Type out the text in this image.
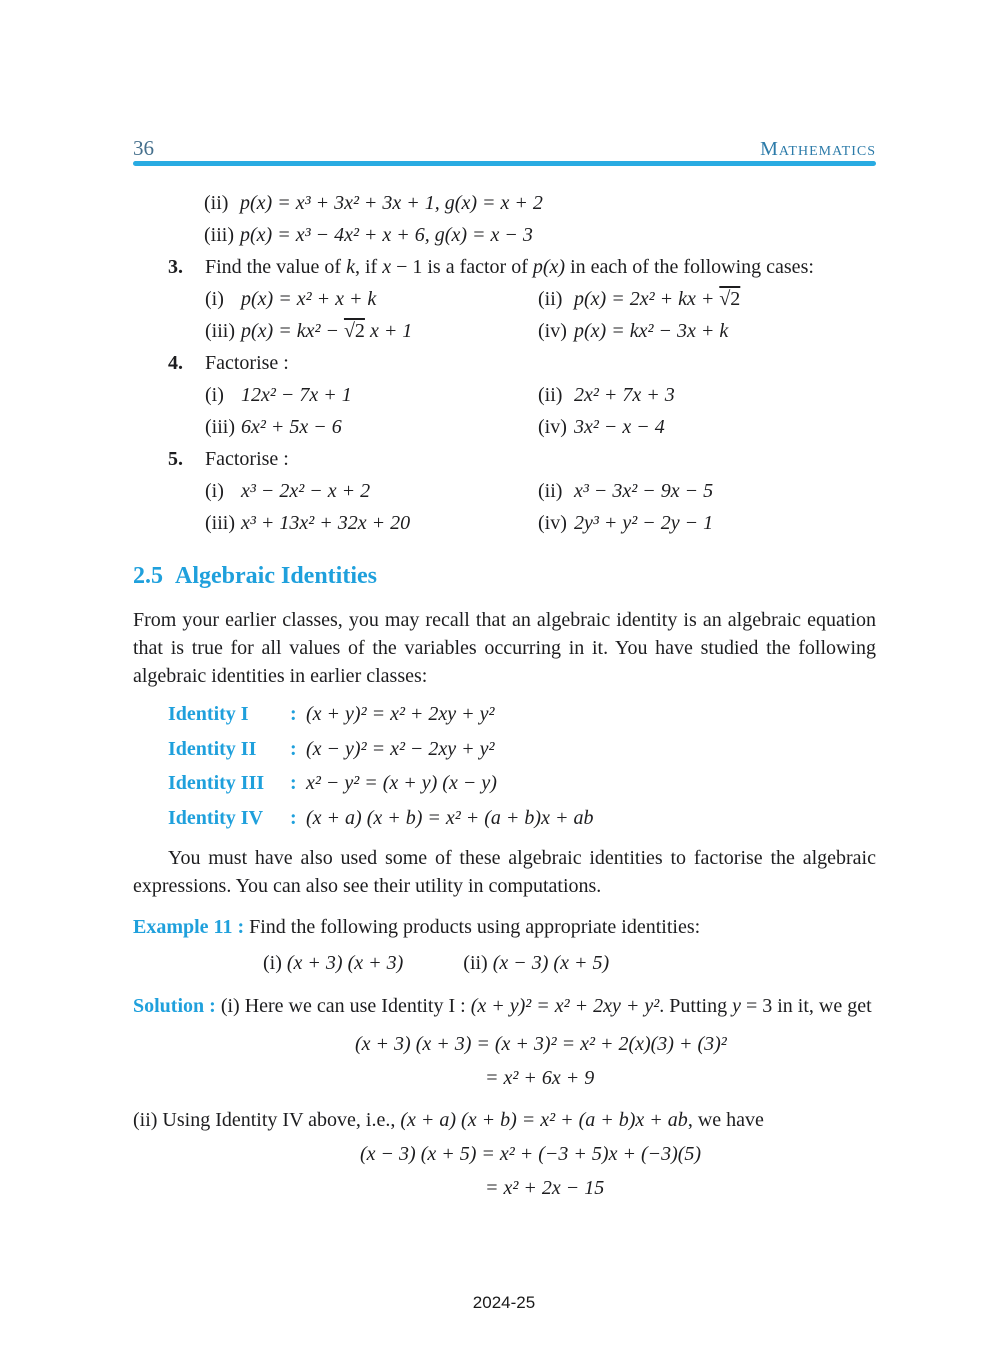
36	Mathematics
(ii) p(x) = x³ + 3x² + 3x + 1, g(x) = x + 2
(iii) p(x) = x³ − 4x² + x + 6, g(x) = x − 3
3.	Find the value of k, if x − 1 is a factor of p(x) in each of the following cases:
(i) p(x) = x² + x + k	(ii) p(x) = 2x² + kx + √2
(iii) p(x) = kx² − √2 x + 1	(iv) p(x) = kx² − 3x + k
4.	Factorise :
(i) 12x² − 7x + 1	(ii) 2x² + 7x + 3
(iii) 6x² + 5x − 6	(iv) 3x² − x − 4
5.	Factorise :
(i) x³ − 2x² − x + 2	(ii) x³ − 3x² − 9x − 5
(iii) x³ + 13x² + 32x + 20	(iv) 2y³ + y² − 2y − 1
2.5 Algebraic Identities

From your earlier classes, you may recall that an algebraic identity is an algebraic equation that is true for all values of the variables occurring in it. You have studied the following algebraic identities in earlier classes:

Identity I	: (x + y)² = x² + 2xy + y²
Identity II	: (x − y)² = x² − 2xy + y²
Identity III	: x² − y² = (x + y) (x − y)
Identity IV	: (x + a) (x + b) = x² + (a + b)x + ab

You must have also used some of these algebraic identities to factorise the algebraic expressions. You can also see their utility in computations.

Example 11 : Find the following products using appropriate identities:

(i) (x + 3) (x + 3)	(ii) (x − 3) (x + 5)

Solution : (i) Here we can use Identity I : (x + y)² = x² + 2xy + y². Putting y = 3 in it, we get

(x + 3) (x + 3) = (x + 3)² = x² + 2(x)(3) + (3)²
= x² + 6x + 9
(ii) Using Identity IV above, i.e., (x + a) (x + b) = x² + (a + b)x + ab, we have
(x − 3) (x + 5) = x² + (−3 + 5)x + (−3)(5)
= x² + 2x − 15
2024-25
